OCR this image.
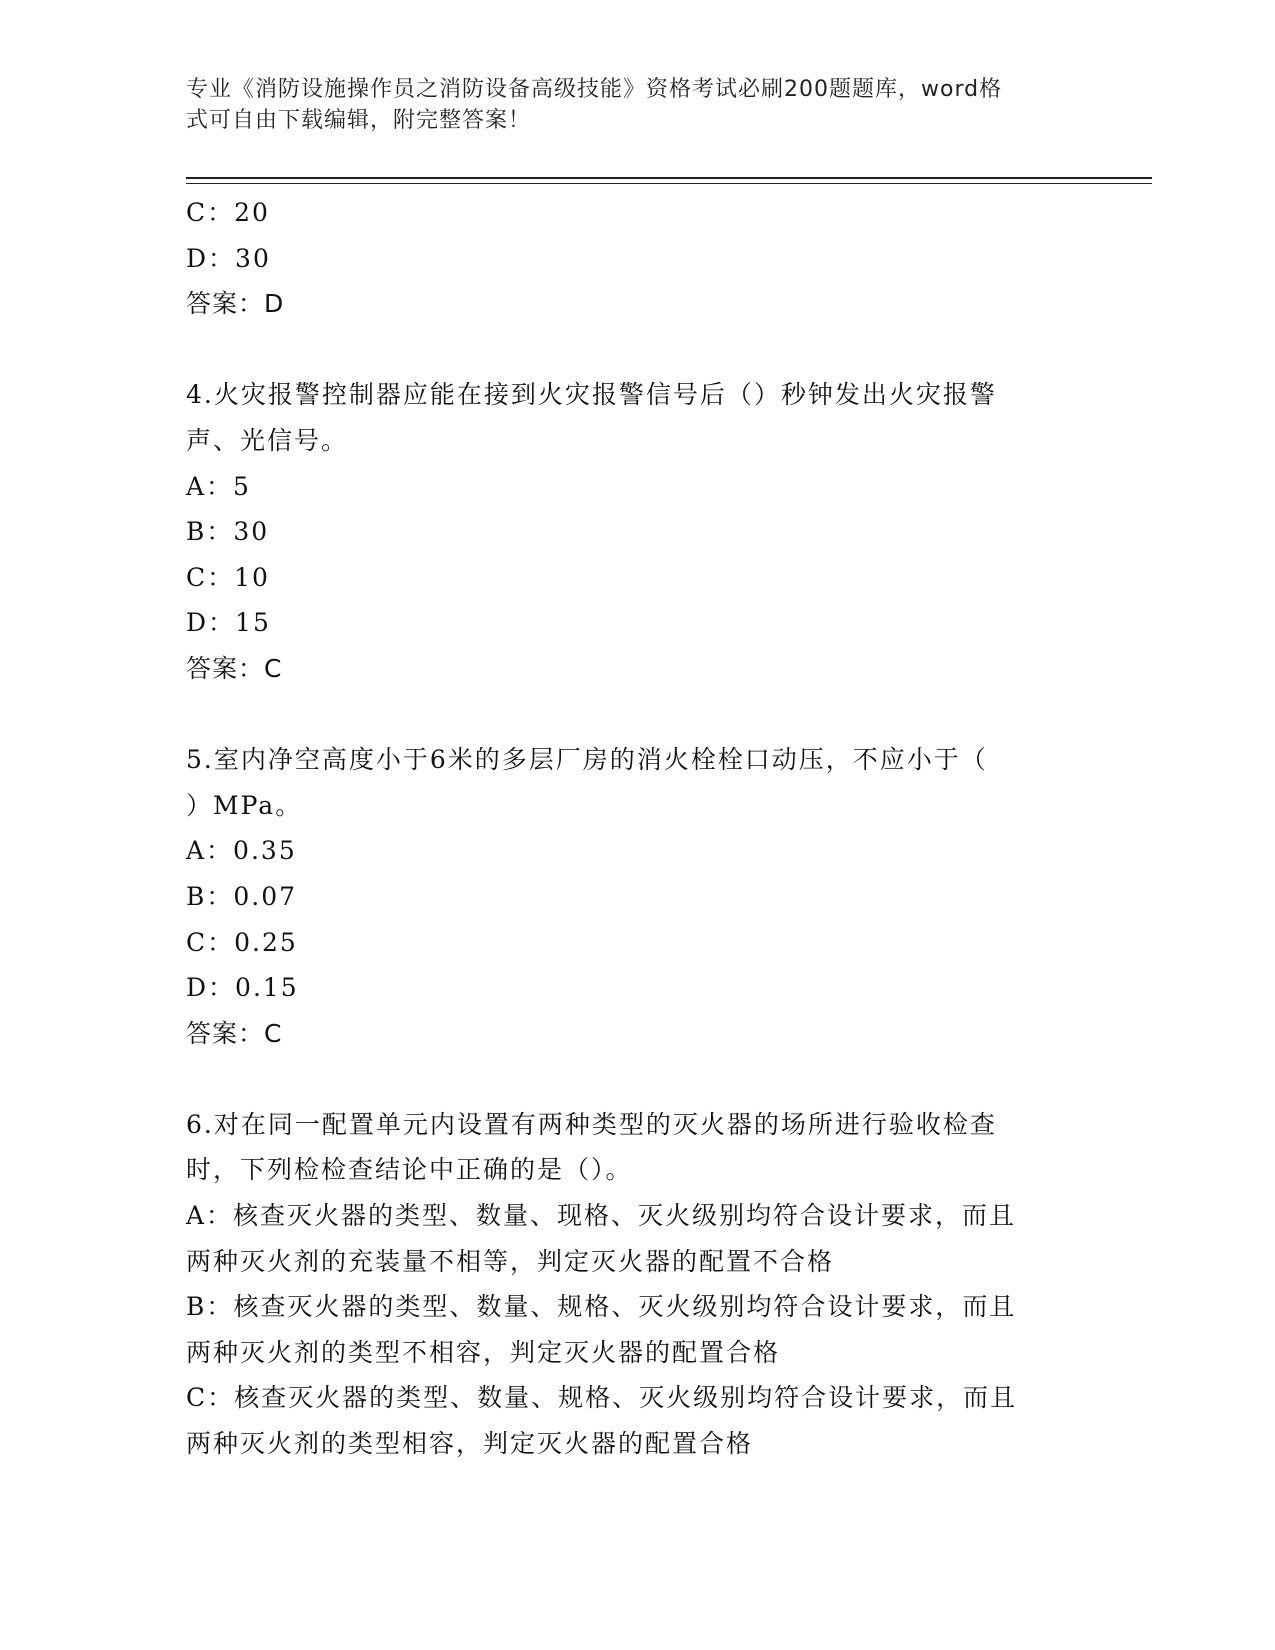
专业《消防设施操作员之消防设备高级技能》资格考试必刷200题题库，word格
式可自由下载编辑，附完整答案！
C：20
D：30
答案：D
4.火灾报警控制器应能在接到火灾报警信号后（）秒钟发出火灾报警
声、光信号。
A：5
B：30
C：10
D：15
答案：C
5.室内净空高度小于6米的多层厂房的消火栓栓口动压，不应小于（
）MPa。
A：0.35
B：0.07
C：0.25
D：0.15
答案：C
6.对在同一配置单元内设置有两种类型的灭火器的场所进行验收检查
时，下列检检查结论中正确的是（）。
A：核查灭火器的类型、数量、现格、灭火级别均符合设计要求，而且
两种灭火剂的充装量不相等，判定灭火器的配置不合格
B：核查灭火器的类型、数量、规格、灭火级别均符合设计要求，而且
两种灭火剂的类型不相容，判定灭火器的配置合格
C：核查灭火器的类型、数量、规格、灭火级别均符合设计要求，而且
两种灭火剂的类型相容，判定灭火器的配置合格
